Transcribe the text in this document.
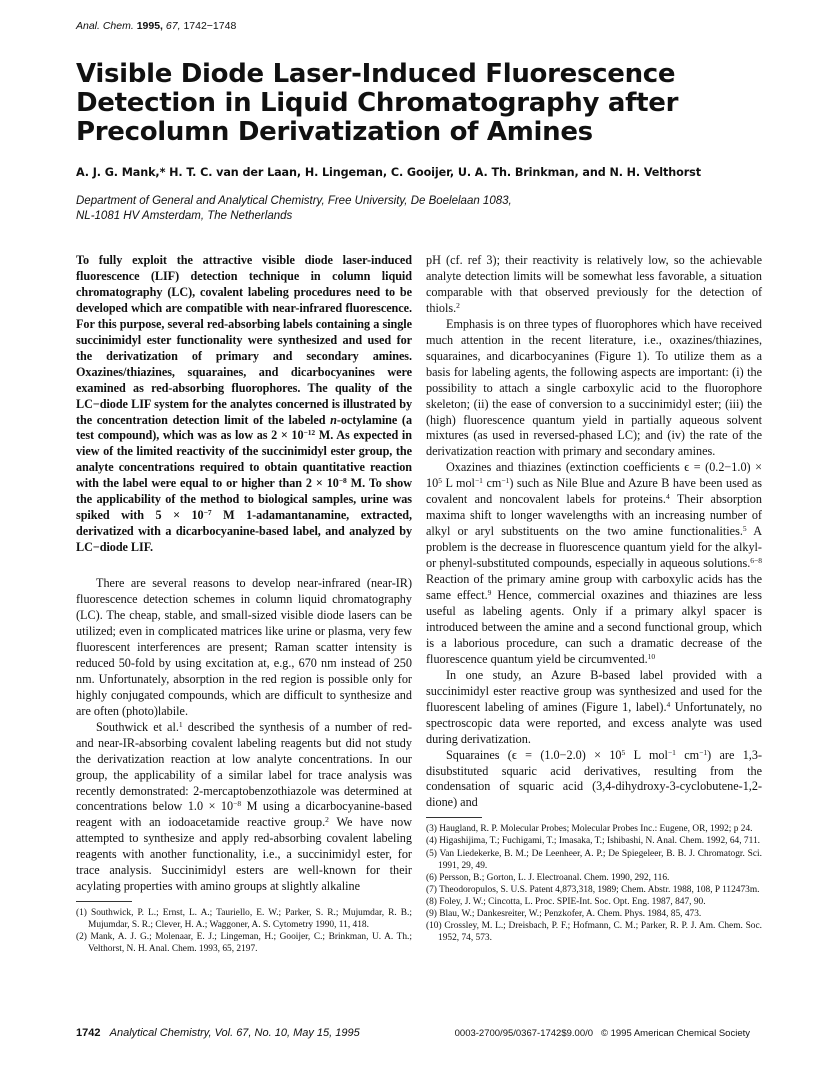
Anal. Chem. 1995, 67, 1742−1748
Visible Diode Laser-Induced Fluorescence
Detection in Liquid Chromatography after
Precolumn Derivatization of Amines
A. J. G. Mank,* H. T. C. van der Laan, H. Lingeman, C. Gooijer, U. A. Th. Brinkman, and N. H. Velthorst
Department of General and Analytical Chemistry, Free University, De Boelelaan 1083,
NL-1081 HV Amsterdam, The Netherlands

To fully exploit the attractive visible diode laser-induced fluorescence (LIF) detection technique in column liquid chromatography (LC), covalent labeling procedures need to be developed which are compatible with near-infrared fluorescence. For this purpose, several red-absorbing labels containing a single succinimidyl ester functionality were synthesized and used for the derivatization of primary and secondary amines. Oxazines/thiazines, squaraines, and dicarbocyanines were examined as red-absorbing fluorophores. The quality of the LC−diode LIF system for the analytes concerned is illustrated by the concentration detection limit of the labeled n-octylamine (a test compound), which was as low as $2 \times 10^{-12}$ M. As expected in view of the limited reactivity of the succinimidyl ester group, the analyte concentrations required to obtain quantitative reaction with the label were equal to or higher than $2 \times 10^{-8}$ M. To show the applicability of the method to biological samples, urine was spiked with $5 \times 10^{-7}$ M 1-adamantanamine, extracted, derivatized with a dicarbocyanine-based label, and analyzed by LC−diode LIF.

There are several reasons to develop near-infrared (near-IR) fluorescence detection schemes in column liquid chromatography (LC). The cheap, stable, and small-sized visible diode lasers can be utilized; even in complicated matrices like urine or plasma, very few fluorescent interferences are present; Raman scatter intensity is reduced 50-fold by using excitation at, e.g., 670 nm instead of 250 nm. Unfortunately, absorption in the red region is possible only for highly conjugated compounds, which are difficult to synthesize and are often (photo)labile.

Southwick et al.$^1$ described the synthesis of a number of red- and near-IR-absorbing covalent labeling reagents but did not study the derivatization reaction at low analyte concentrations. In our group, the applicability of a similar label for trace analysis was recently demonstrated: 2-mercaptobenzothiazole was determined at concentrations below $1.0 \times 10^{-8}$ M using a dicarbocyanine-based reagent with an iodoacetamide reactive group.$^2$ We have now attempted to synthesize and apply red-absorbing covalent labeling reagents with another functionality, i.e., a succinimidyl ester, for trace analysis. Succinimidyl esters are well-known for their acylating properties with amino groups at slightly alkaline

(1) Southwick, P. L.; Ernst, L. A.; Tauriello, E. W.; Parker, S. R.; Mujumdar, R. B.; Mujumdar, S. R.; Clever, H. A.; Waggoner, A. S. Cytometry 1990, 11, 418.
(2) Mank, A. J. G.; Molenaar, E. J.; Lingeman, H.; Gooijer, C.; Brinkman, U. A. Th.; Velthorst, N. H. Anal. Chem. 1993, 65, 2197.

pH (cf. ref 3); their reactivity is relatively low, so the achievable analyte detection limits will be somewhat less favorable, a situation comparable with that observed previously for the detection of thiols.$^2$

Emphasis is on three types of fluorophores which have received much attention in the recent literature, i.e., oxazines/thiazines, squaraines, and dicarbocyanines (Figure 1). To utilize them as a basis for labeling agents, the following aspects are important: (i) the possibility to attach a single carboxylic acid to the fluorophore skeleton; (ii) the ease of conversion to a succinimidyl ester; (iii) the (high) fluorescence quantum yield in partially aqueous solvent mixtures (as used in reversed-phased LC); and (iv) the rate of the derivatization reaction with primary and secondary amines.

Oxazines and thiazines (extinction coefficients $\epsilon = (0.2-1.0) \times 10^5$ L mol$^{-1}$ $cm^{-1}$) such as Nile Blue and Azure B have been used as covalent and noncovalent labels for proteins.$^4$ Their absorption maxima shift to longer wavelengths with an increasing number of alkyl or aryl substituents on the two amine functionalities.$^5$ A problem is the decrease in fluorescence quantum yield for the alkyl- or phenyl-substituted compounds, especially in aqueous solutions.$^{6-8}$ Reaction of the primary amine group with carboxylic acids has the same effect.$^9$ Hence, commercial oxazines and thiazines are less useful as labeling agents. Only if a primary alkyl spacer is introduced between the amine and a second functional group, which is a laborious procedure, can such a dramatic decrease of the fluorescence quantum yield be circumvented.$^{10}$

In one study, an Azure B-based label provided with a succinimidyl ester reactive group was synthesized and used for the fluorescent labeling of amines (Figure 1, label).$^4$ Unfortunately, no spectroscopic data were reported, and excess analyte was used during derivatization.

Squaraines ($\epsilon = (1.0-2.0) \times 10^5$ L mol$^{-1}$ $cm^{-1}$) are 1,3-disubstituted squaric acid derivatives, resulting from the condensation of squaric acid (3,4-dihydroxy-3-cyclobutene-1,2-dione) and

(3) Haugland, R. P. Molecular Probes; Molecular Probes Inc.: Eugene, OR, 1992; p 24.
(4) Higashijima, T.; Fuchigami, T.; Imasaka, T.; Ishibashi, N. Anal. Chem. 1992, 64, 711.
(5) Van Liedekerke, B. M.; De Leenheer, A. P.; De Spiegeleer, B. B. J. Chromatogr. Sci. 1991, 29, 49.
(6) Persson, B.; Gorton, L. J. Electroanal. Chem. 1990, 292, 116.
(7) Theodoropulos, S. U.S. Patent 4,873,318, 1989; Chem. Abstr. 1988, 108, P 112473m.
(8) Foley, J. W.; Cincotta, L. Proc. SPIE-Int. Soc. Opt. Eng. 1987, 847, 90.
(9) Blau, W.; Dankesreiter, W.; Penzkofer, A. Chem. Phys. 1984, 85, 473.
(10) Crossley, M. L.; Dreisbach, P. F.; Hofmann, C. M.; Parker, R. P. J. Am. Chem. Soc. 1952, 74, 573.
1742 Analytical Chemistry, Vol. 67, No. 10, May 15, 1995	0003-2700/95/0367-1742$9.00/0 © 1995 American Chemical Society
